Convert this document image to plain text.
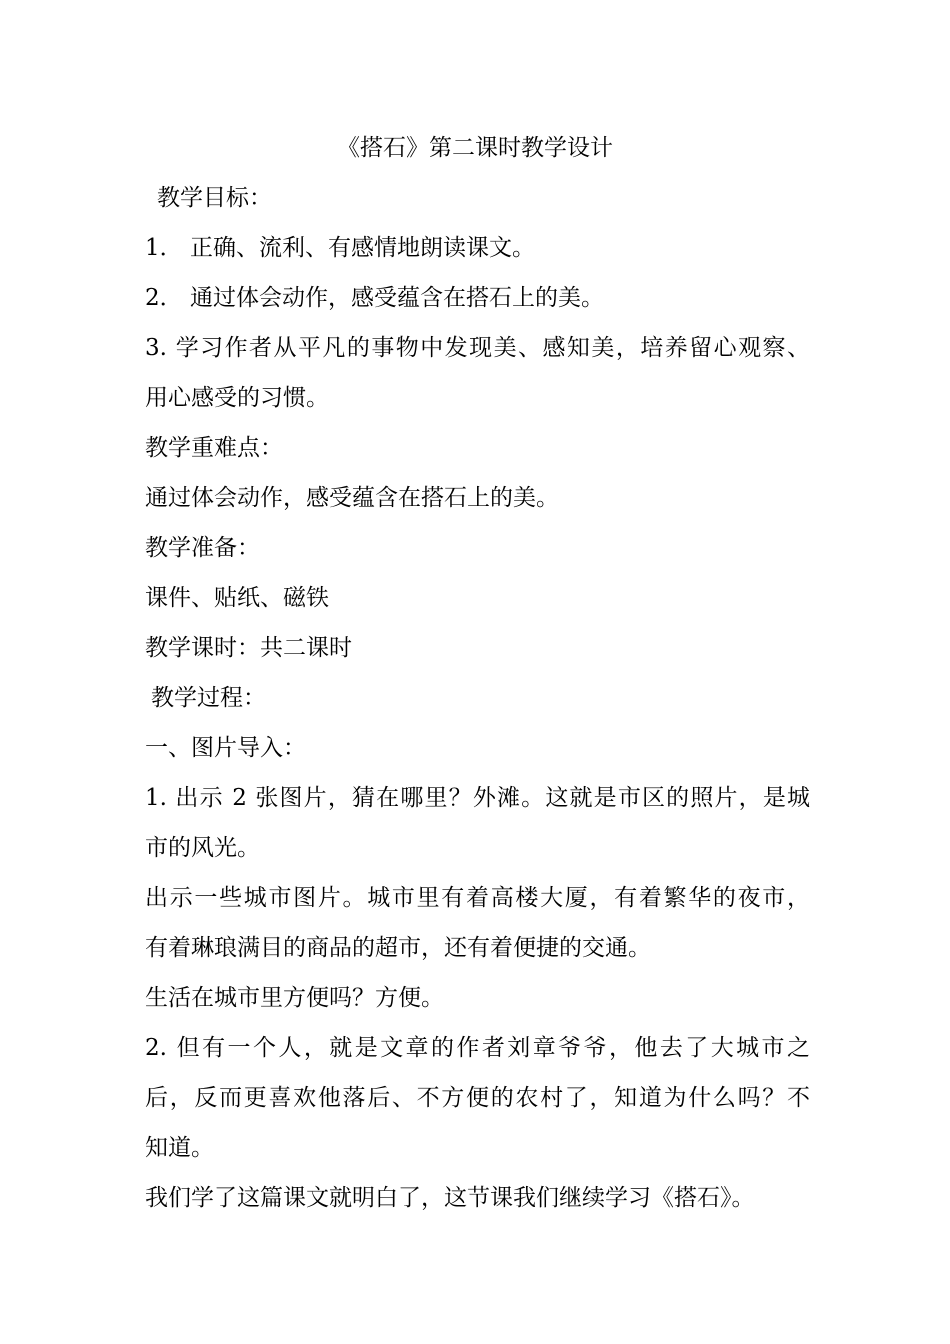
《搭石》第二课时教学设计
教学目标：
1． 正确、流利、有感情地朗读课文。
2． 通过体会动作，感受蕴含在搭石上的美。
3. 学习作者从平凡的事物中发现美、感知美，培养留心观察、
用心感受的习惯。
教学重难点：
通过体会动作，感受蕴含在搭石上的美。
教学准备：
课件、贴纸、磁铁
教学课时：共二课时
教学过程：
一、图片导入：
1. 出示 2 张图片，猜在哪里？外滩。这就是市区的照片，是城
市的风光。
出示一些城市图片。城市里有着高楼大厦，有着繁华的夜市，
有着琳琅满目的商品的超市，还有着便捷的交通。
生活在城市里方便吗？方便。
2. 但有一个人，就是文章的作者刘章爷爷，他去了大城市之
后，反而更喜欢他落后、不方便的农村了，知道为什么吗？不
知道。
我们学了这篇课文就明白了，这节课我们继续学习《搭石》。
